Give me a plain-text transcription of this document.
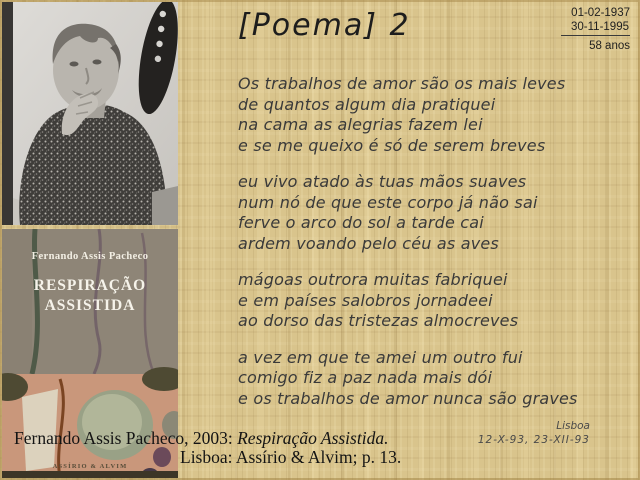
Fernando Assis Pacheco
RESPIRAÇÃO
ASSISTIDA
ASSÍRIO & ALVIM
[Poema] 2	01-02-1937
30-11-1995
58 anos
Os trabalhos de amor são os mais leves
de quantos algum dia pratiquei
na cama as alegrias fazem lei
e se me queixo é só de serem breves
eu vivo atado às tuas mãos suaves
num nó de que este corpo já não sai
ferve o arco do sol a tarde cai
ardem voando pelo céu as aves
mágoas outrora muitas fabriquei
e em países salobros jornadeei
ao dorso das tristezas almocreves
a vez em que te amei um outro fui
comigo fiz a paz nada mais dói
e os trabalhos de amor nunca são graves
Lisboa
12-X-93, 23-XII-93
Fernando Assis Pacheco, 2003: Respiração Assistida.
Lisboa: Assírio & Alvim; p. 13.
